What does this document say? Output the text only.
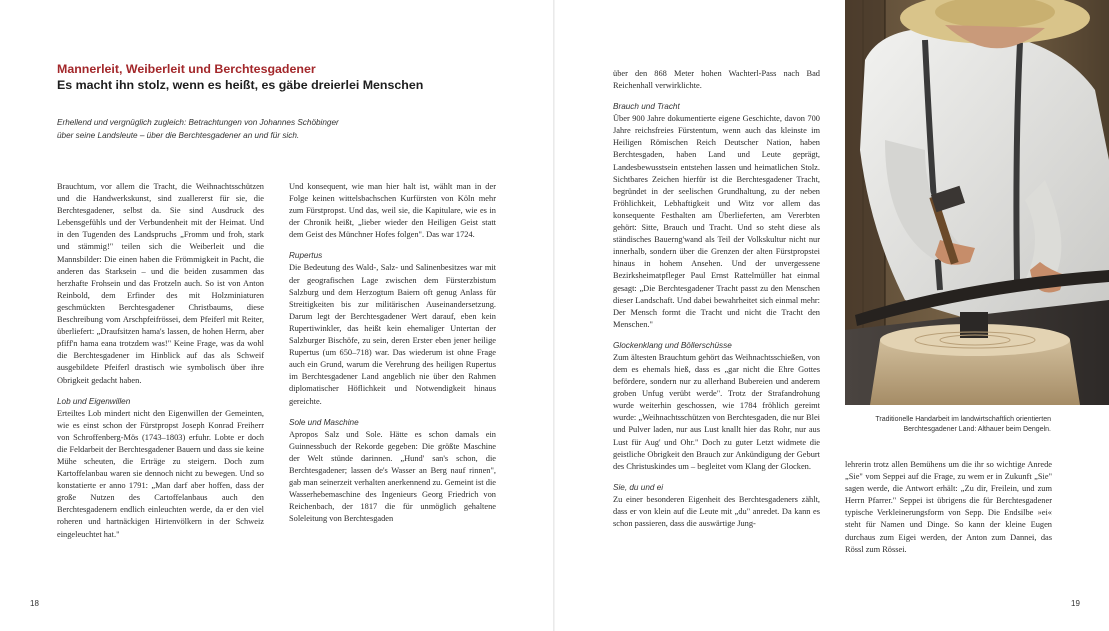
Mannerleit, Weiberleit und Berchtesgadener
Es macht ihn stolz, wenn es heißt, es gäbe dreierlei Menschen
Erhellend und vergnüglich zugleich: Betrachtungen von Johannes Schöbinger
über seine Landsleute – über die Berchtesgadener an und für sich.

Brauchtum, vor allem die Tracht, die Weihnachtsschützen und die Handwerkskunst, sind zuallererst für sie, die Berchtesgadener, selbst da. Sie sind Ausdruck des Lebensgefühls und der Verbundenheit mit der Heimat. Und in den Tugenden des Landspruchs „Fromm und froh, stark und stämmig!" teilen sich die Weiberleit und die Mannsbilder: Die einen haben die Frömmigkeit in Pacht, die anderen das Starksein – und die beiden zusammen das herzhafte Frohsein und das Frotzeln auch. So ist von Anton Reinbold, dem Erfinder des mit Holzminiaturen geschmückten Berchtesgadener Christbaums, diese Beschreibung vom Arschpfeifrössei, dem Pfeiferl mit Reiter, überliefert: „Draufsitzen hama's lassen, de hohen Herrn, aber pfiff'n hama eana trotzdem was!" Keine Frage, was da wohl die Berchtesgadener im Hinblick auf das als Schweif ausgebildete Pfeiferl drastisch wie symbolisch über ihre Obrigkeit gedacht haben.

Lob und Eigenwillen

Erteiltes Lob mindert nicht den Eigenwillen der Gemeinten, wie es einst schon der Fürstpropst Joseph Konrad Freiherr von Schroffenberg-Mös (1743–1803) erfuhr. Lobte er doch die Feldarbeit der Berchtesgadener Bauern und dass sie keine Mühe scheuten, die Erträge zu steigern. Doch zum Kartoffelanbau waren sie dennoch nicht zu bewegen. Und so konstatierte er anno 1791: „Man darf aber hoffen, dass der große Nutzen des Cartoffelanbaus auch den Berchtesgadenern endlich einleuchten werde, da er den viel roheren und hartnäckigen Hirtenvölkern in der Schweiz eingeleuchtet hat."

Und konsequent, wie man hier halt ist, wählt man in der Folge keinen wittelsbachschen Kurfürsten von Köln mehr zum Fürstpropst. Und das, weil sie, die Kapitulare, wie es in der Chronik heißt, „lieber wieder den Heiligen Geist statt dem Geist des Münchner Hofes folgen". Das war 1724.

Rupertus

Die Bedeutung des Wald-, Salz- und Salinenbesitzes war mit der geografischen Lage zwischen dem Fürsterzbistum Salzburg und dem Herzogtum Baiern oft genug Anlass für Streitigkeiten bis zur militärischen Auseinandersetzung. Darum legt der Berchtesgadener Wert darauf, eben kein Rupertiwinkler, das heißt kein ehemaliger Untertan der Salzburger Bischöfe, zu sein, deren Erster eben jener heilige Rupertus (um 650–718) war. Das wiederum ist ohne Frage auch ein Grund, warum die Verehrung des heiligen Rupertus im Berchtesgadener Land angeblich nie über den Rahmen diplomatischer Höflichkeit und Notwendigkeit hinaus gereichte.

Sole und Maschine

Apropos Salz und Sole. Hätte es schon damals ein Guinnessbuch der Rekorde gegeben: Die größte Maschine der Welt stünde darinnen. „Hund' san's schon, die Berchtesgadener; lassen de's Wasser an Berg nauf rinnen", gab man seinerzeit verhalten anerkennend zu. Gemeint ist die Wasserhebemaschine des Ingenieurs Georg Friedrich von Reichenbach, der 1817 die für unmöglich gehaltene Soleleitung von Berchtesgaden

über den 868 Meter hohen Wachterl-Pass nach Bad Reichenhall verwirklichte.

Brauch und Tracht

Über 900 Jahre dokumentierte eigene Geschichte, davon 700 Jahre reichsfreies Fürstentum, wenn auch das kleinste im Heiligen Römischen Reich Deutscher Nation, haben Berchtesgaden, haben Land und Leute geprägt, Landesbewusstsein entstehen lassen und heimatlichen Stolz. Sichtbares Zeichen hierfür ist die Berchtesgadener Tracht, begründet in der seelischen Grundhaltung, zu der neben Fröhlichkeit, Lebhaftigkeit und Witz vor allem das konsequente Festhalten am Überlieferten, am Vererbten gehört: Sitte, Brauch und Tracht. Und so steht diese als ständisches Bauerng'wand als Teil der Volkskultur nicht nur innerhalb, sondern über die Grenzen der alten Fürstpropstei hinaus in hohem Ansehen. Und der unvergessene Bezirksheimatpfleger Paul Ernst Rattelmüller hat einmal gesagt: „Die Berchtesgadener Tracht passt zu den Menschen dieser Landschaft. Und dabei bewahrheitet sich einmal mehr: Der Mensch formt die Tracht und nicht die Tracht den Menschen."

Glockenklang und Böllerschüsse

Zum ältesten Brauchtum gehört das Weihnachtsschießen, von dem es ehemals hieß, dass es „gar nicht die Ehre Gottes befördere, sondern nur zu allerhand Bubereien und anderem groben Unfug verübt werde". Trotz der Strafandrohung wurde weiterhin geschossen, wie 1784 fröhlich gereimt wurde: „Weihnachtsschützen von Berchtesgaden, die nur Blei und Pulver laden, nur aus Lust knallt hier das Rohr, nur aus Lust für Aug' und Ohr." Doch zu guter Letzt widmete die geistliche Obrigkeit den Brauch zur Ankündigung der Geburt des Christuskindes um – begleitet vom Klang der Glocken.

Sie, du und ei

Zu einer besonderen Eigenheit des Berchtesgadeners zählt, dass er von klein auf die Leute mit „du" anredet. Da kann es schon passieren, dass die auswärtige Jung-

lehrerin trotz allen Bemühens um die ihr so wichtige Anrede „Sie" vom Seppei auf die Frage, zu wem er in Zukunft „Sie" sagen werde, die Antwort erhält: „Zu dir, Freilein, und zum Herrn Pfarrer." Seppei ist übrigens die für Berchtesgadener typische Verkleinerungsform von Sepp. Die Endsilbe »ei« steht für Namen und Dinge. So kann der kleine Eugen durchaus zum Eigei werden, der Anton zum Dannei, das Rössl zum Rössei.

Traditionelle Handarbeit im landwirtschaftlich orientierten
Berchtesgadener Land: Althauer beim Dengeln.
18	19
